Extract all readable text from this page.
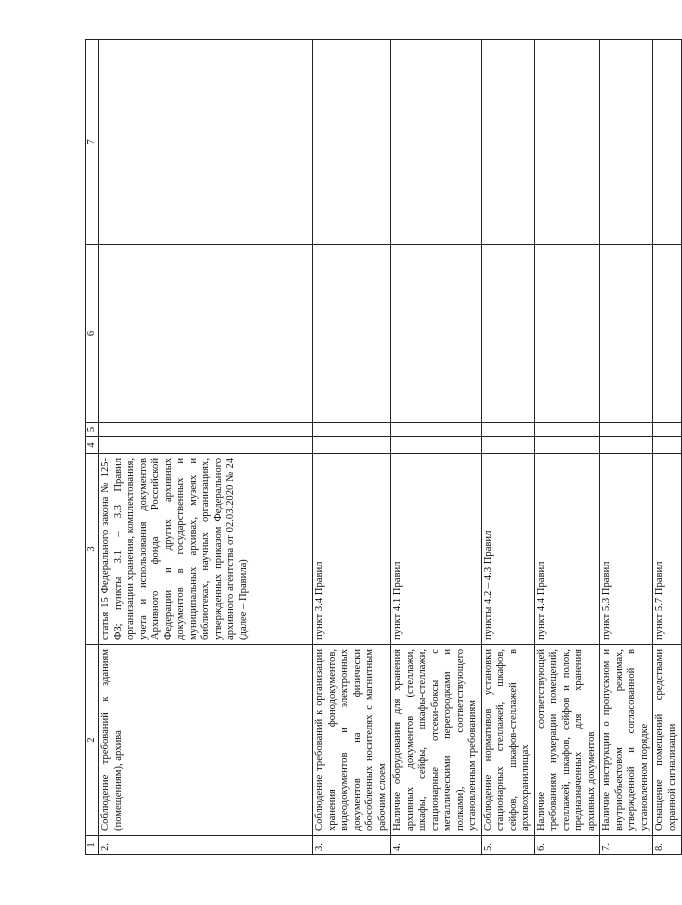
1	2	3	4	5	6	7
2.	Соблюдение требований к зданиям (помещениям), архива	статья 15 Федерального закона № 125-ФЗ; пункты 3.1 – 3.3 Правил организации хранения, комплектования, учета и использования документов Архивного фонда Российской Федерации и других архивных документов в государственных и муниципальных архивах, музеях и библиотеках, научных организациях, утвержденных приказом Федерального архивного агентства от 02.03.2020 № 24 (далее – Правила)				
3.	Соблюдение требований к организации хранения фонодокументов, видеодокументов и электронных документов на физически обособленных носителях с магнитным рабочим слоем	пункт 3.4 Правил				
4.	Наличие оборудования для хранения архивных документов (стеллажи, шкафы, сейфы, шкафы-стеллажи, стационарные отсеки-боксы с металлическими перегородками и полками), соответствующего установленным требованиям	пункт 4.1 Правил				
5.	Соблюдение нормативов установки стационарных стеллажей, шкафов, сейфов, шкафов-стеллажей в архивохранилищах	пункты 4.2 – 4.3 Правил				
6.	Наличие соответствующей требованиям нумерации помещений, стеллажей, шкафов, сейфов и полок, предназначенных для хранения архивных документов	пункт 4.4 Правил				
7.	Наличие инструкции о пропускном и внутриобъектовом режимах, утвержденной и согласованной в установленном порядке	пункт 5.3 Правил				
8.	Оснащение помещений средствами охранной сигнализации	пункт 5.7 Правил				
